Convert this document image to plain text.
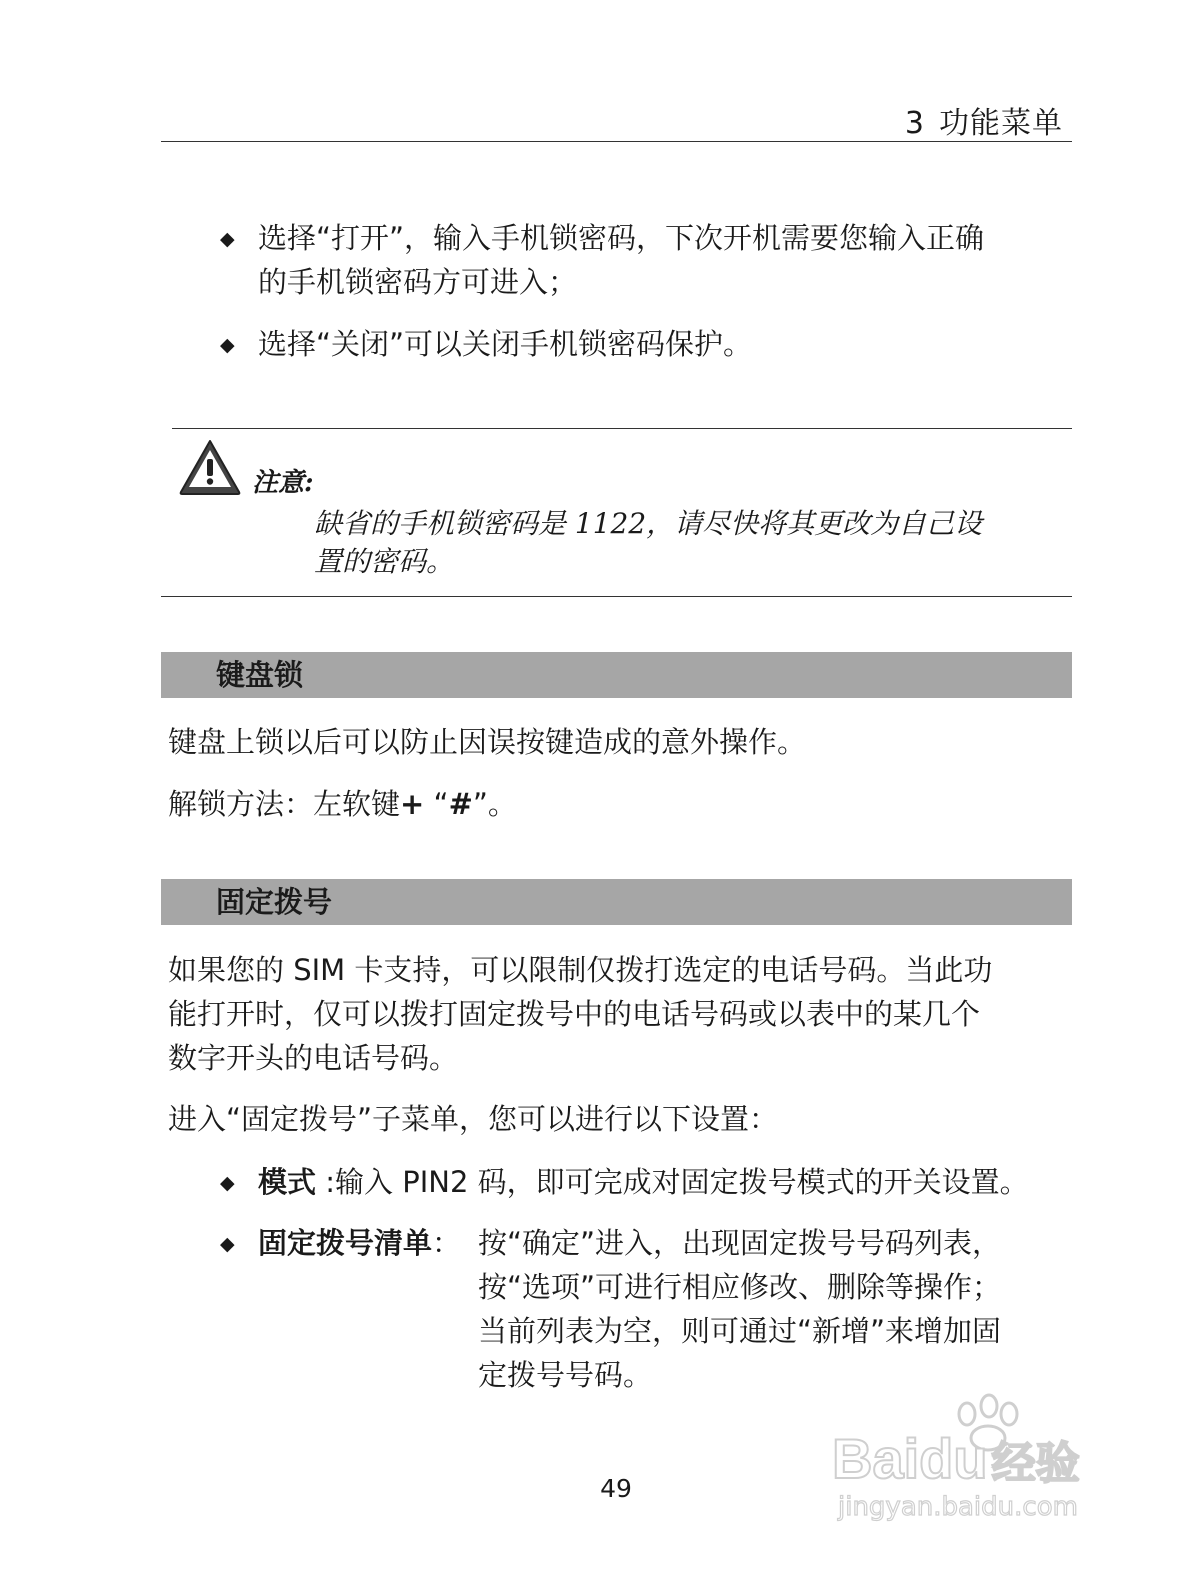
3 功能菜单
◆ 选择“打开”，输入手机锁密码，下次开机需要您输入正确
的手机锁密码方可进入；
◆ 选择“关闭”可以关闭手机锁密码保护。
注意:
缺省的手机锁密码是 1122，请尽快将其更改为自己设
置的密码。
键盘锁
键盘上锁以后可以防止因误按键造成的意外操作。
解锁方法：左软键+ “#”。
固定拨号
如果您的 SIM 卡支持，可以限制仅拨打选定的电话号码。当此功
能打开时，仅可以拨打固定拨号中的电话号码或以表中的某几个
数字开头的电话号码。
进入“固定拨号”子菜单，您可以进行以下设置：
◆ 模式 :输入 PIN2 码，即可完成对固定拨号模式的开关设置。
◆ 固定拨号清单： 按“确定”进入，出现固定拨号号码列表，
按“选项”可进行相应修改、删除等操作；
当前列表为空，则可通过“新增”来增加固
定拨号号码。
Baidu经验
jingyan.baidu.com
49
